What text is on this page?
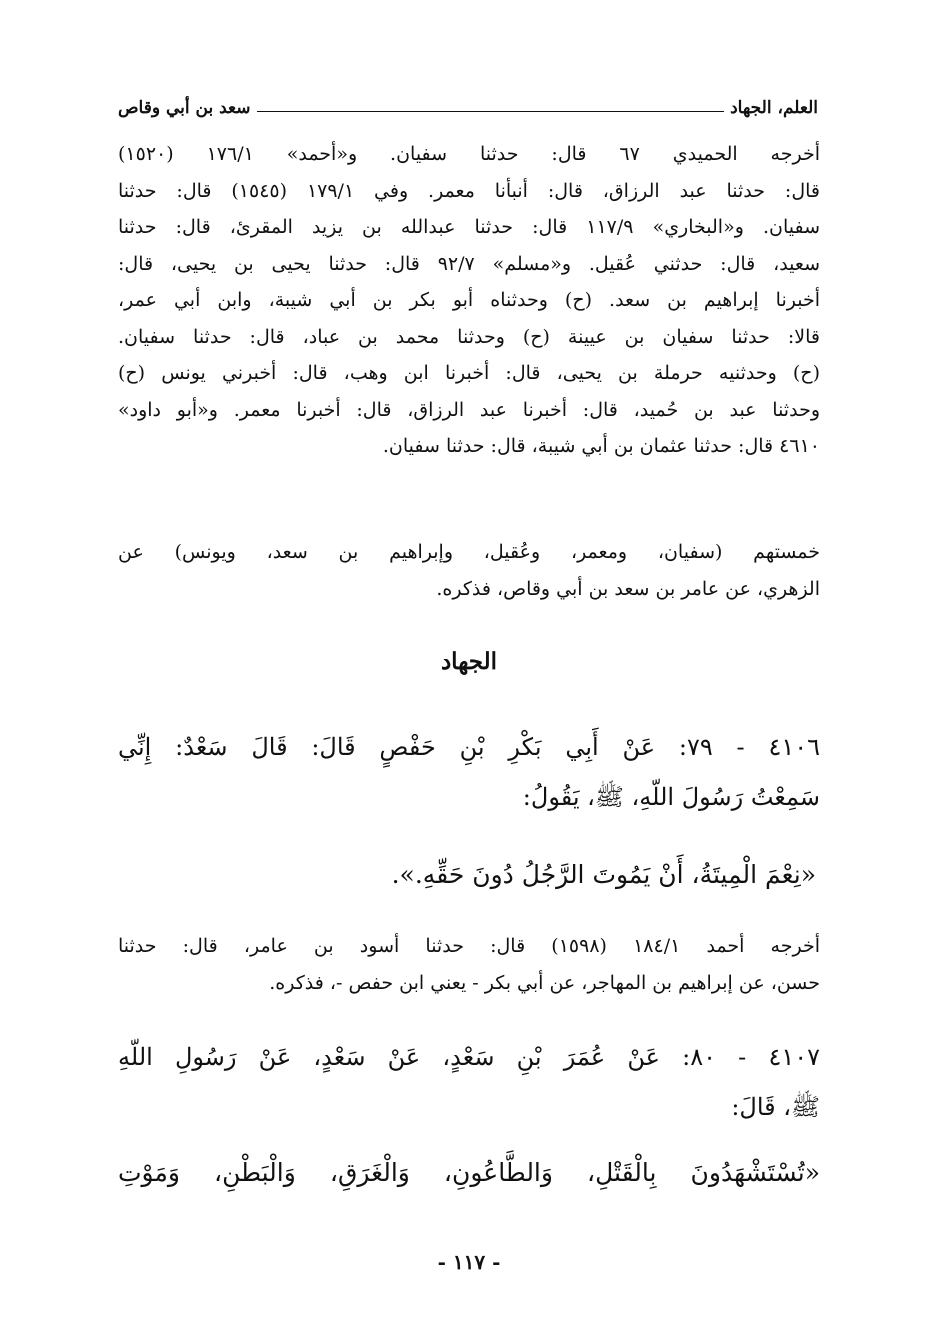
العلم، الجهاد
سعد بن أبي وقاص
أخرجه الحميدي ٦٧ قال: حدثنا سفيان. و«أحمد» ١٧٦/١ (١٥٢٠)
قال: حدثنا عبد الرزاق، قال: أنبأنا معمر. وفي ١٧٩/١ (١٥٤٥) قال: حدثنا
سفيان. و«البخاري» ١١٧/٩ قال: حدثنا عبدالله بن يزيد المقرئ، قال: حدثنا
سعيد، قال: حدثني عُقيل. و«مسلم» ٩٢/٧ قال: حدثنا يحيى بن يحيى، قال:
أخبرنا إبراهيم بن سعد. (ح) وحدثناه أبو بكر بن أبي شيبة، وابن أبي عمر،
قالا: حدثنا سفيان بن عيينة (ح) وحدثنا محمد بن عباد، قال: حدثنا سفيان.
(ح) وحدثنيه حرملة بن يحيى، قال: أخبرنا ابن وهب، قال: أخبرني يونس (ح)
وحدثنا عبد بن حُميد، قال: أخبرنا عبد الرزاق، قال: أخبرنا معمر. و«أبو داود»
٤٦١٠ قال: حدثنا عثمان بن أبي شيبة، قال: حدثنا سفيان.
خمستهم (سفيان، ومعمر، وعُقيل، وإبراهيم بن سعد، ويونس) عن
الزهري، عن عامر بن سعد بن أبي وقاص، فذكره.
الجهاد
٤١٠٦ - ٧٩: عَنْ أَبِي بَكْرِ بْنِ حَفْصٍ قَالَ: قَالَ سَعْدٌ: إِنِّي
سَمِعْتُ رَسُولَ اللّهِ، ﷺ، يَقُولُ:
«نِعْمَ الْمِيتَةُ، أَنْ يَمُوتَ الرَّجُلُ دُونَ حَقِّهِ.».
أخرجه أحمد ١٨٤/١ (١٥٩٨) قال: حدثنا أسود بن عامر، قال: حدثنا
حسن، عن إبراهيم بن المهاجر، عن أبي بكر - يعني ابن حفص -، فذكره.
٤١٠٧ - ٨٠: عَنْ عُمَرَ بْنِ سَعْدٍ، عَنْ سَعْدٍ، عَنْ رَسُولِ اللّهِ
ﷺ، قَالَ:
«تُسْتَشْهَدُونَ بِالْقَتْلِ، وَالطَّاعُونِ، وَالْغَرَقِ، وَالْبَطْنِ، وَمَوْتِ
- ١١٧ -
